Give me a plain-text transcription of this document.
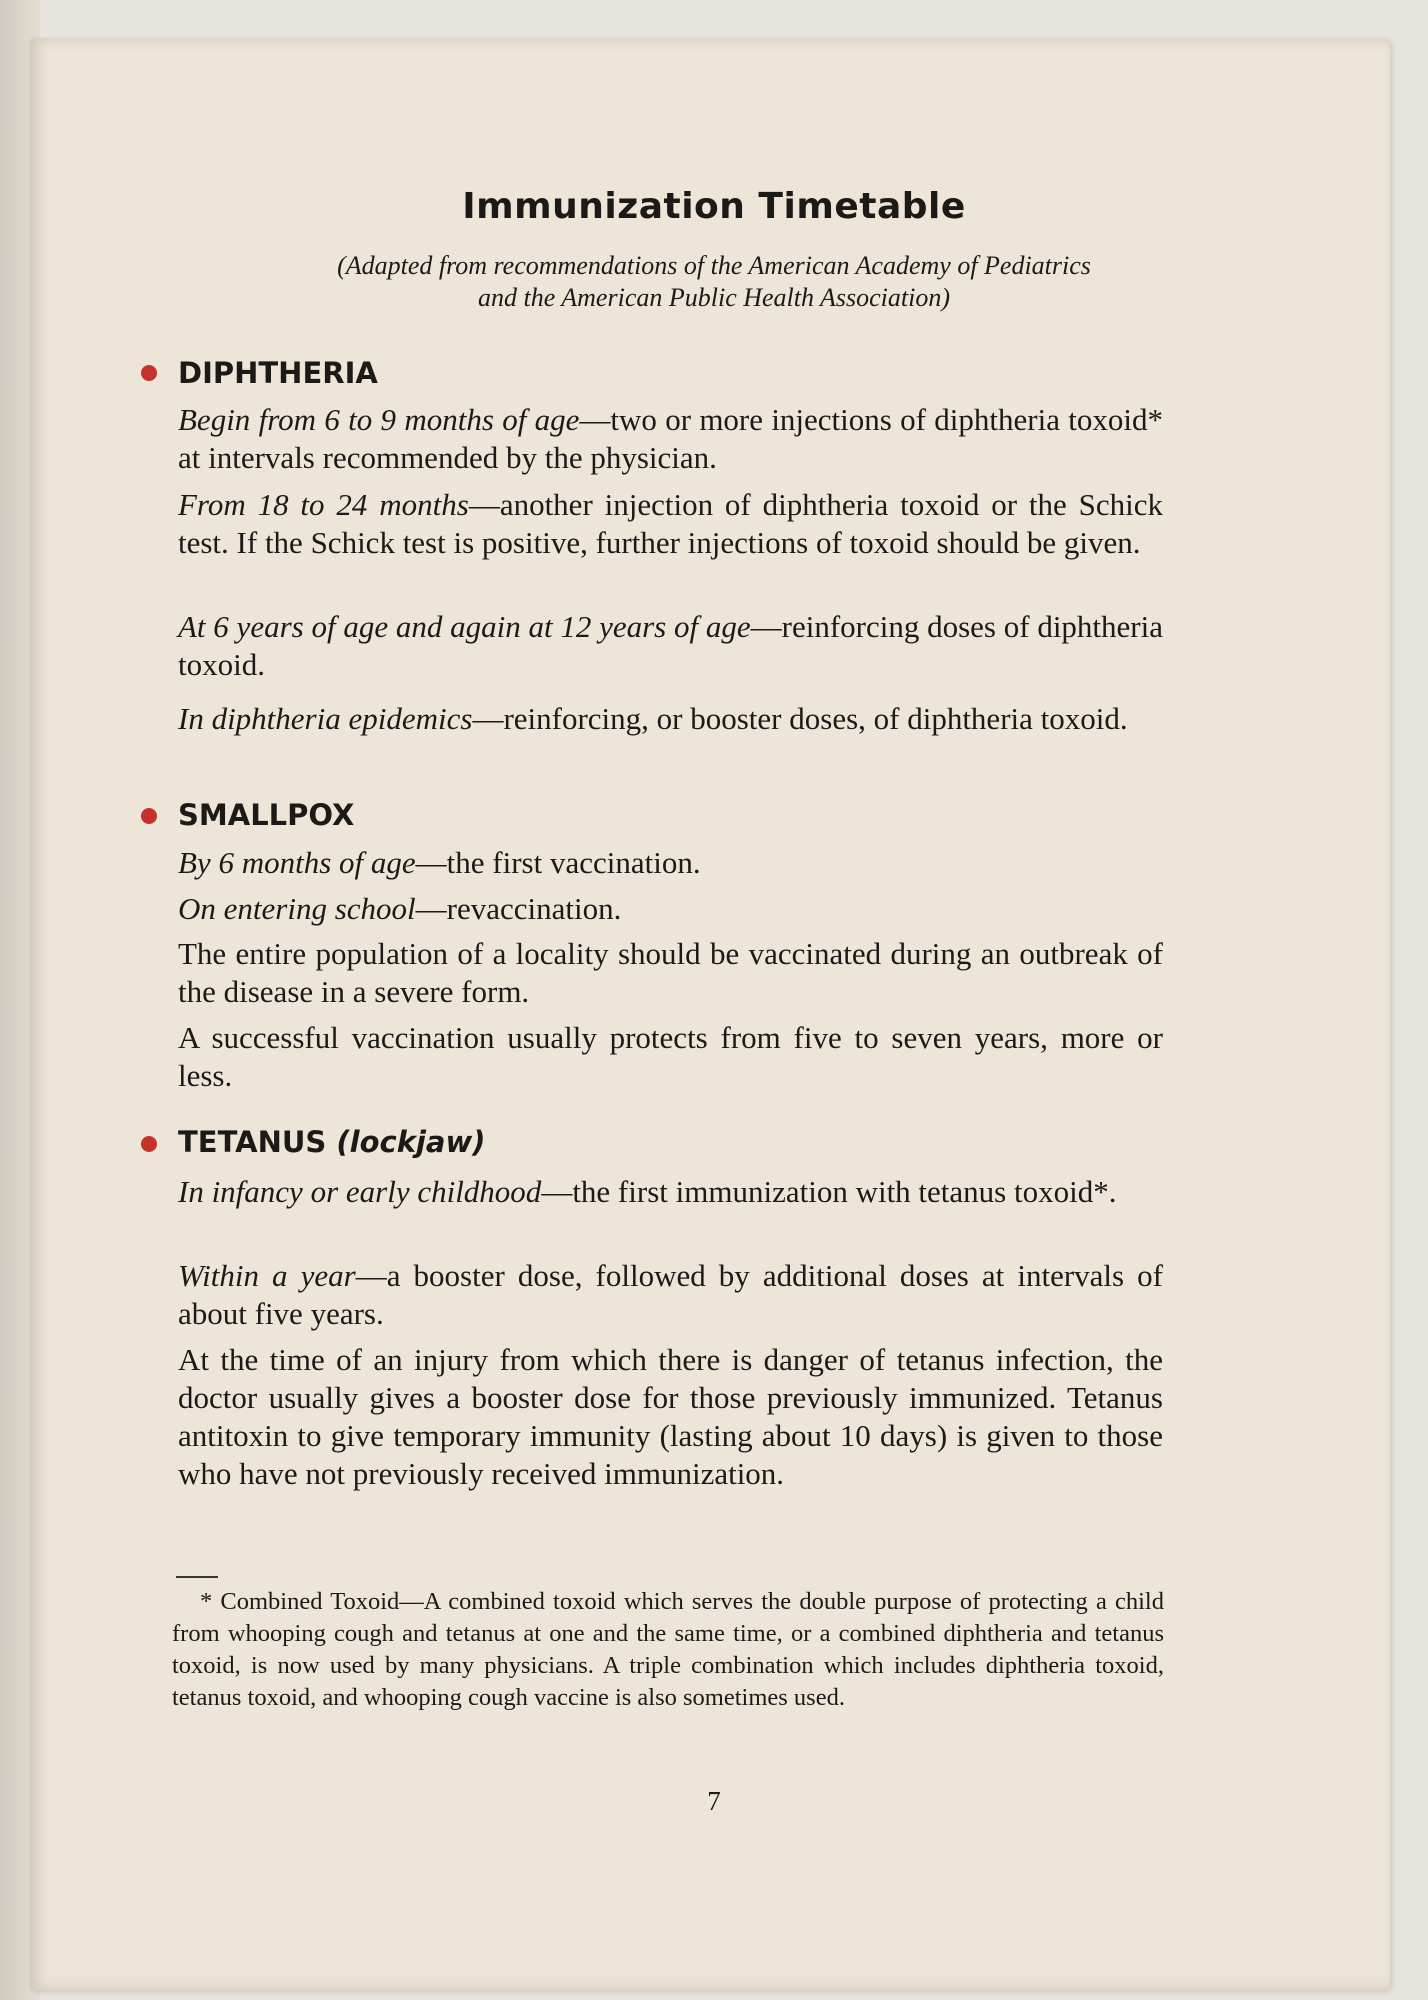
Immunization Timetable
(Adapted from recommendations of the American Academy of Pediatrics
and the American Public Health Association)
DIPHTHERIA
Begin from 6 to 9 months of age—two or more injections of diphtheria toxoid* at intervals recommended by the physician.
From 18 to 24 months—another injection of diphtheria toxoid or the Schick test. If the Schick test is positive, further injections of toxoid should be given.
At 6 years of age and again at 12 years of age—reinforcing doses of diphtheria toxoid.
In diphtheria epidemics—reinforcing, or booster doses, of diphtheria toxoid.
SMALLPOX
By 6 months of age—the first vaccination.
On entering school—revaccination.
The entire population of a locality should be vaccinated during an outbreak of the disease in a severe form.
A successful vaccination usually protects from five to seven years, more or less.
TETANUS (lockjaw)
In infancy or early childhood—the first immunization with tetanus toxoid*.
Within a year—a booster dose, followed by additional doses at intervals of about five years.
At the time of an injury from which there is danger of tetanus infection, the doctor usually gives a booster dose for those previously immunized. Tetanus antitoxin to give temporary immunity (lasting about 10 days) is given to those who have not previously received immunization.
* Combined Toxoid—A combined toxoid which serves the double purpose of protecting a child from whooping cough and tetanus at one and the same time, or a combined diphtheria and tetanus toxoid, is now used by many physicians. A triple combination which includes diphtheria toxoid, tetanus toxoid, and whooping cough vaccine is also sometimes used.
7
